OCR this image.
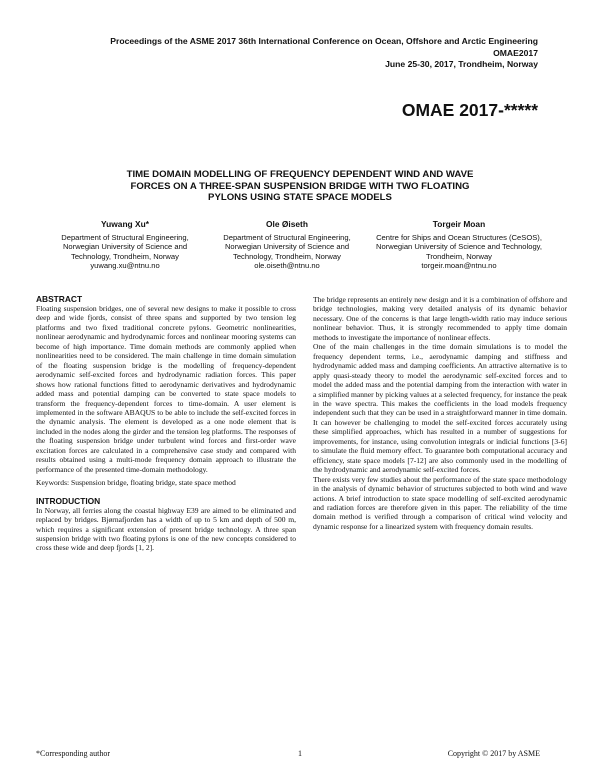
Proceedings of the ASME 2017 36th International Conference on Ocean, Offshore and Arctic Engineering
OMAE2017
June 25-30, 2017, Trondheim, Norway
OMAE 2017-*****
TIME DOMAIN MODELLING OF FREQUENCY DEPENDENT WIND AND WAVE
FORCES ON A THREE-SPAN SUSPENSION BRIDGE WITH TWO FLOATING
PYLONS USING STATE SPACE MODELS
Yuwang Xu*
Department of Structural Engineering,
Norwegian University of Science and
Technology, Trondheim, Norway
yuwang.xu@ntnu.no
Ole Øiseth
Department of Structural Engineering,
Norwegian University of Science and
Technology, Trondheim, Norway
ole.oiseth@ntnu.no
Torgeir Moan
Centre for Ships and Ocean Structures (CeSOS),
Norwegian University of Science and Technology,
Trondheim, Norway
torgeir.moan@ntnu.no
ABSTRACT

Floating suspension bridges, one of several new designs to make it possible to cross deep and wide fjords, consist of three spans and supported by two tension leg platforms and two fixed traditional concrete pylons. Geometric nonlinearities, nonlinear aerodynamic and hydrodynamic forces and nonlinear mooring systems can become of high importance. Time domain methods are commonly applied when nonlinearities need to be considered. The main challenge in time domain simulation of the floating suspension bridge is the modelling of frequency-dependent aerodynamic self-excited forces and hydrodynamic radiation forces. This paper shows how rational functions fitted to aerodynamic derivatives and hydrodynamic added mass and potential damping can be converted to state space models to transform the frequency-dependent forces to time-domain. A user element is implemented in the software ABAQUS to be able to include the self-excited forces in the dynamic analysis. The element is developed as a one node element that is included in the nodes along the girder and the tension leg platforms. The responses of the floating suspension bridge under turbulent wind forces and first-order wave excitation forces are calculated in a comprehensive case study and compared with results obtained using a multi-mode frequency domain approach to illustrate the performance of the presented time-domain methodology.

Keywords: Suspension bridge, floating bridge, state space method

INTRODUCTION

In Norway, all ferries along the coastal highway E39 are aimed to be eliminated and replaced by bridges. Bjørnafjorden has a width of up to 5 km and depth of 500 m, which requires a significant extension of present bridge technology. A three span suspension bridge with two floating pylons is one of the new concepts considered to cross these wide and deep fjords [1, 2].

The bridge represents an entirely new design and it is a combination of offshore and bridge technologies, making very detailed analysis of its dynamic behavior necessary. One of the concerns is that large length-width ratio may induce serious nonlinear behavior. Thus, it is strongly recommended to apply time domain methods to investigate the importance of nonlinear effects.

One of the main challenges in the time domain simulations is to model the frequency dependent terms, i.e., aerodynamic damping and stiffness and hydrodynamic added mass and damping coefficients. An attractive alternative is to apply quasi-steady theory to model the aerodynamic self-excited forces and to model the added mass and the potential damping from the interaction with water in a simplified manner by picking values at a selected frequency, for instance the peak in the wave spectra. This makes the coefficients in the load models frequency independent such that they can be used in a straightforward manner in time domain. It can however be challenging to model the self-excited forces accurately using these simplified approaches, which has resulted in a number of suggestions for improvements, for instance, using convolution integrals or indicial functions [3-6] to simulate the fluid memory effect. To guarantee both computational accuracy and efficiency, state space models [7-12] are also commonly used in the modelling of the hydrodynamic and aerodynamic self-excited forces.

There exists very few studies about the performance of the state space methodology in the analysis of dynamic behavior of structures subjected to both wind and wave actions. A brief introduction to state space modelling of self-excited aerodynamic and radiation forces are therefore given in this paper. The reliability of the time domain method is verified through a comparison of critical wind velocity and dynamic response for a linearized system with frequency domain results.

*Corresponding author	1	Copyright © 2017 by ASME
